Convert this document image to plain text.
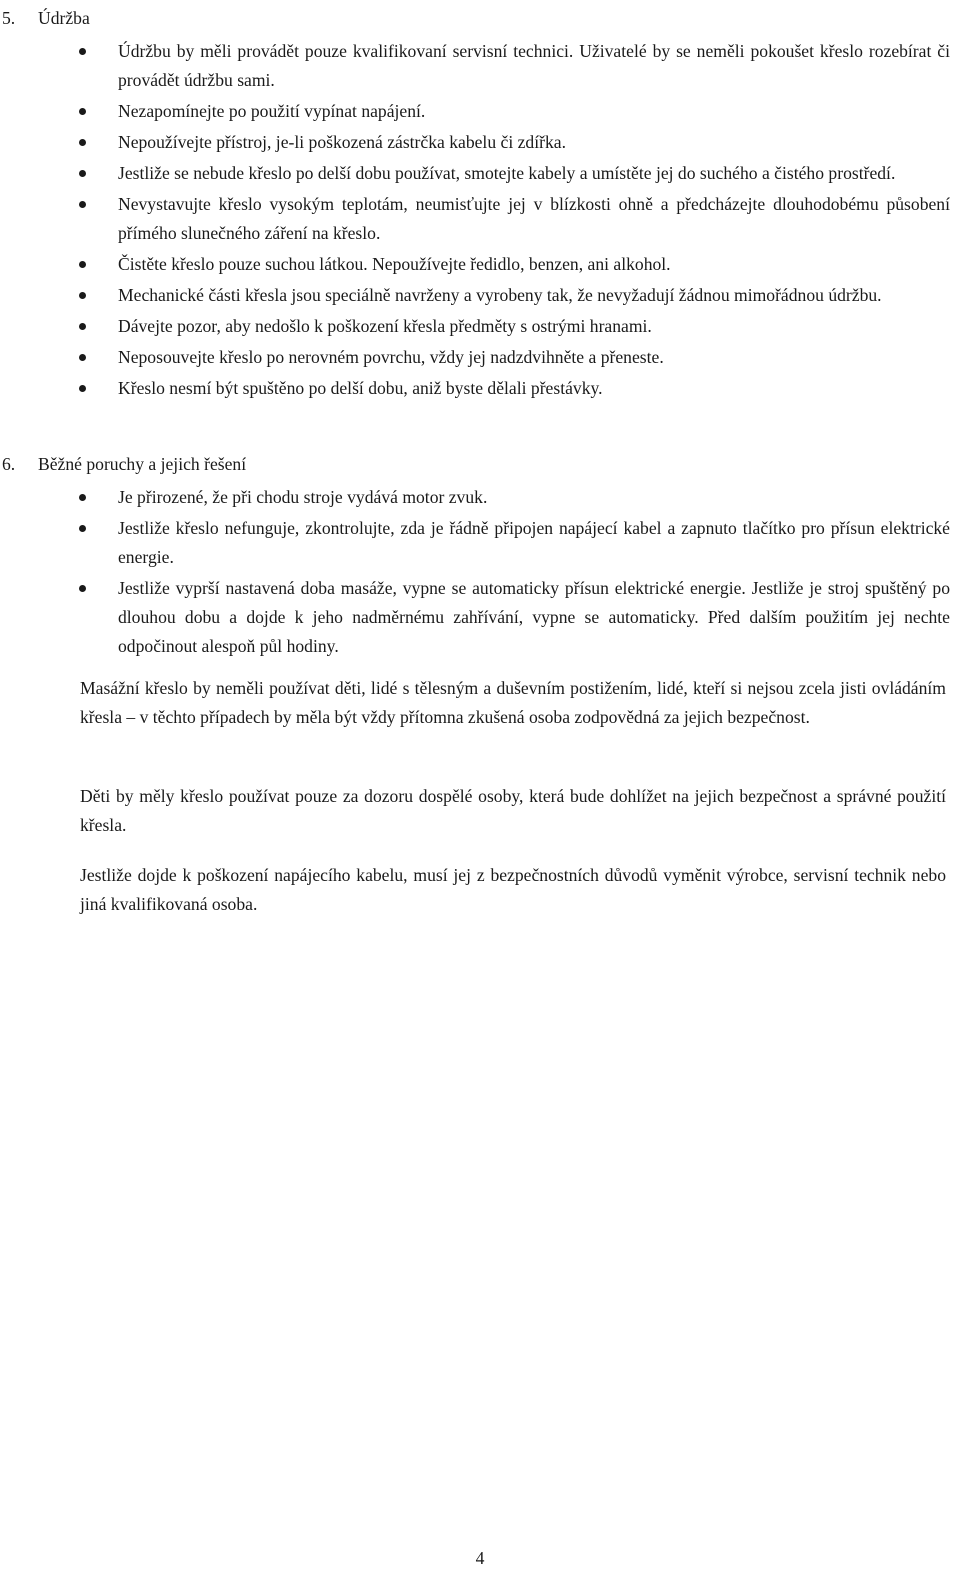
5.	Údržba
Údržbu by měli provádět pouze kvalifikovaní servisní technici. Uživatelé by se neměli pokoušet křeslo rozebírat či provádět údržbu sami.
Nezapomínejte po použití vypínat napájení.
Nepoužívejte přístroj, je-li poškozená zástrčka kabelu či zdířka.
Jestliže se nebude křeslo po delší dobu používat, smotejte kabely a umístěte jej do suchého a čistého prostředí.
Nevystavujte křeslo vysokým teplotám, neumisťujte jej v blízkosti ohně a předcházejte dlouhodobému působení přímého slunečného záření na křeslo.
Čistěte křeslo pouze suchou látkou. Nepoužívejte ředidlo, benzen, ani alkohol.
Mechanické části křesla jsou speciálně navrženy a vyrobeny tak, že nevyžadují žádnou mimořádnou údržbu.
Dávejte pozor, aby nedošlo k poškození křesla předměty s ostrými hranami.
Neposouvejte křeslo po nerovném povrchu, vždy jej nadzdvihněte a přeneste.
Křeslo nesmí být spuštěno po delší dobu, aniž byste dělali přestávky.
6.	Běžné poruchy a jejich řešení
Je přirozené, že při chodu stroje vydává motor zvuk.
Jestliže křeslo nefunguje, zkontrolujte, zda je řádně připojen napájecí kabel a zapnuto tlačítko pro přísun elektrické energie.
Jestliže vyprší nastavená doba masáže, vypne se automaticky přísun elektrické energie. Jestliže je stroj spuštěný po dlouhou dobu a dojde k jeho nadměrnému zahřívání, vypne se automaticky. Před dalším použitím jej nechte odpočinout alespoň půl hodiny.

Masážní křeslo by neměli používat děti, lidé s tělesným a duševním postižením, lidé, kteří si nejsou zcela jisti ovládáním křesla – v těchto případech by měla být vždy přítomna zkušená osoba zodpovědná za jejich bezpečnost.

Děti by měly křeslo používat pouze za dozoru dospělé osoby, která bude dohlížet na jejich bezpečnost a správné použití křesla.

Jestliže dojde k poškození napájecího kabelu, musí jej z bezpečnostních důvodů vyměnit výrobce, servisní technik nebo jiná kvalifikovaná osoba.

4
